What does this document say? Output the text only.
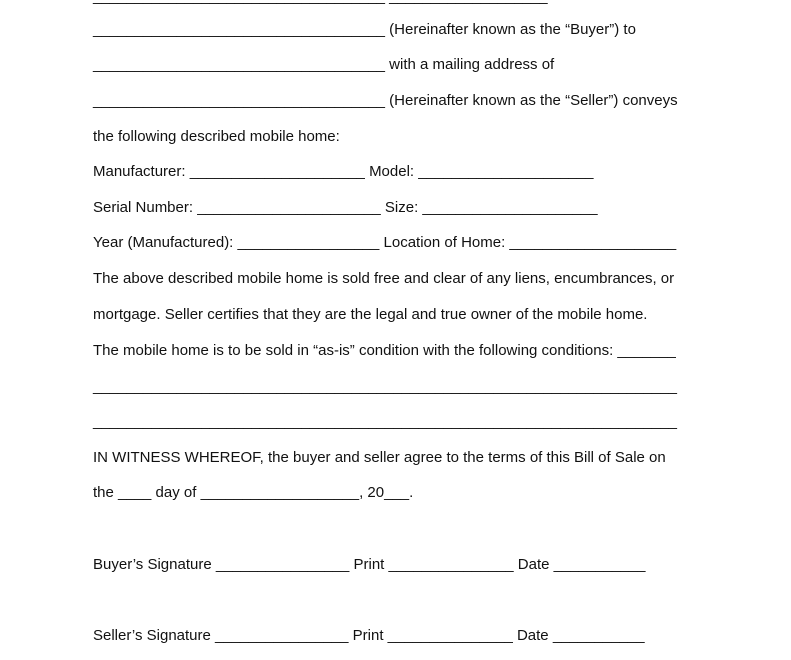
___________________________________ (Hereinafter known as the “Buyer”) to
___________________________________ with a mailing address of
___________________________________ (Hereinafter known as the “Seller”) conveys
the following described mobile home:
Manufacturer: _____________________ Model: _____________________
Serial Number: ______________________ Size: _____________________
Year (Manufactured): _________________ Location of Home: ____________________
The above described mobile home is sold free and clear of any liens, encumbrances, or
mortgage. Seller certifies that they are the legal and true owner of the mobile home.
The mobile home is to be sold in “as-is” condition with the following conditions: _______
______________________________________________________________________
______________________________________________________________________
IN WITNESS WHEREOF, the buyer and seller agree to the terms of this Bill of Sale on
the ____ day of ___________________, 20___.
Buyer’s Signature ________________ Print _______________ Date ___________
Seller’s Signature ________________ Print _______________ Date ___________
